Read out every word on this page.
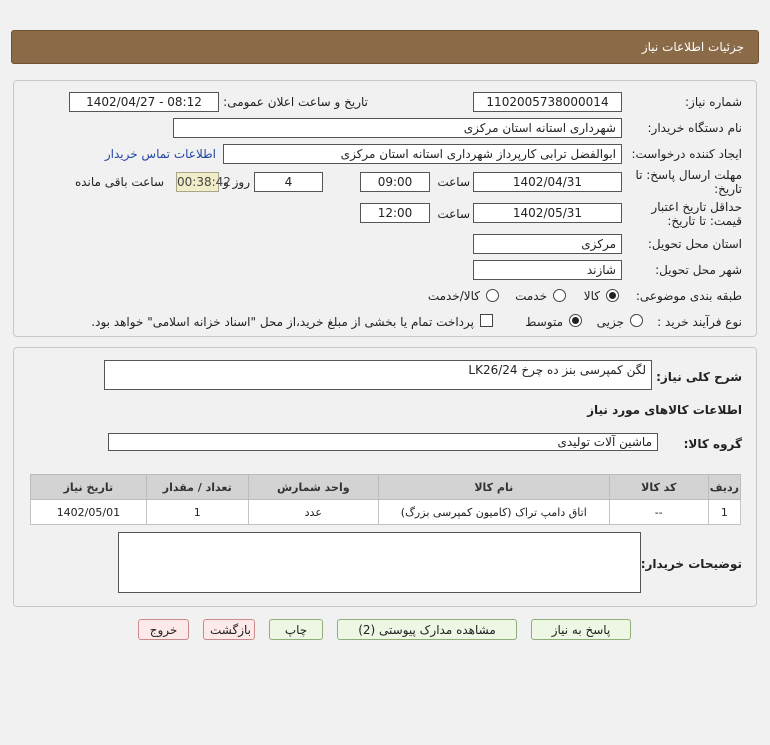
جزئیات اطلاعات نیاز
شماره نیاز:
1102005738000014
تاریخ و ساعت اعلان عمومی:
1402/04/27 - 08:12
نام دستگاه خریدار:
شهرداری استانه استان مرکزی
ایجاد کننده درخواست:
ابوالفضل ترابی کارپرداز شهرداری استانه استان مرکزی
اطلاعات تماس خریدار
مهلت ارسال پاسخ: تا
تاریخ:
1402/04/31
ساعت
09:00
4
روز و
00:38:42
ساعت باقی مانده
حداقل تاریخ اعتبار
قیمت: تا تاریخ:
1402/05/31
ساعت
12:00
استان محل تحویل:
مرکزی
شهر محل تحویل:
شازند
طبقه بندی موضوعی:
کالا
خدمت
کالا/خدمت
نوع فرآیند خرید :
جزیی
متوسط
پرداخت تمام یا بخشی از مبلغ خرید،از محل "اسناد خزانه اسلامی" خواهد بود.
شرح کلی نیاز:
لگن کمپرسی بنز ده چرخ LK26/24
اطلاعات کالاهای مورد نیاز
گروه کالا:
ماشین آلات تولیدی
ردیف	کد کالا	نام کالا	واحد شمارش	تعداد / مقدار	تاریخ نیاز
1	--	اتاق دامپ تراک (کامیون کمپرسی بزرگ)	عدد	1	1402/05/01
توضیحات خریدار:
پاسخ به نیاز
مشاهده مدارک پیوستی (2)
چاپ
بازگشت
خروج
